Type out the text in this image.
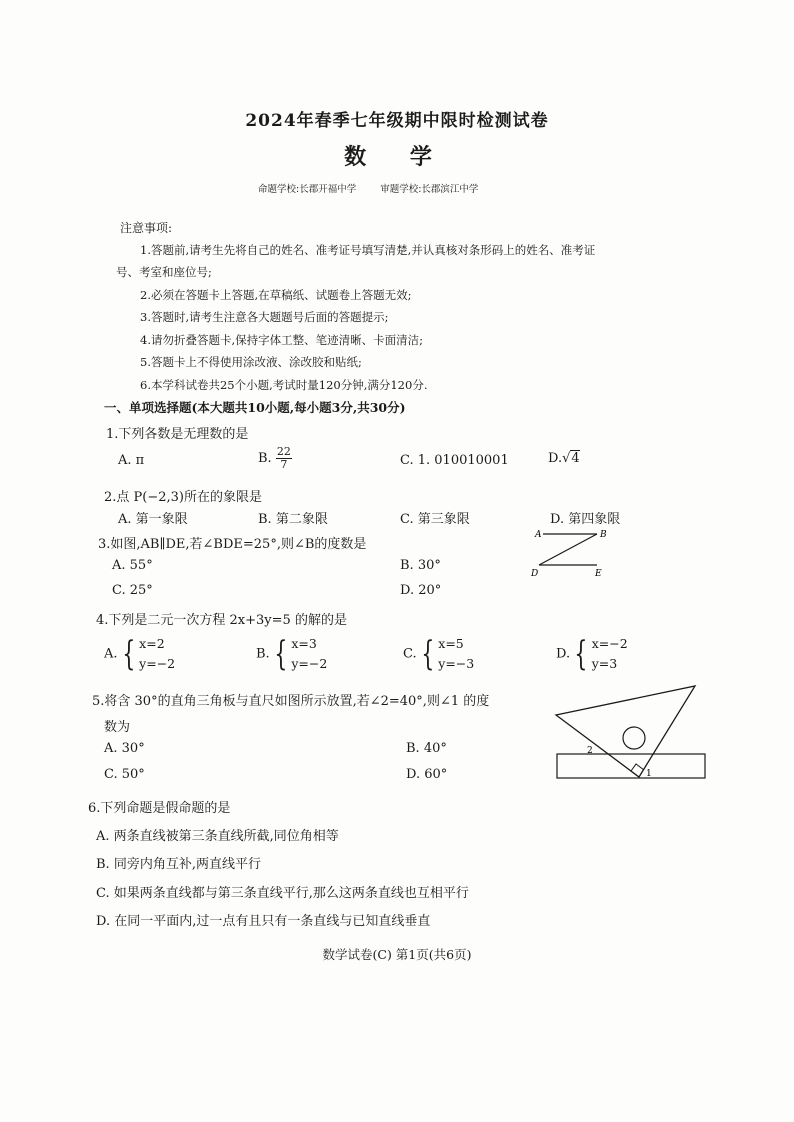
2024年春季七年级期中限时检测试卷
数 学
命题学校:长郡开福中学	审题学校:长郡滨江中学
注意事项:
1.答题前,请考生先将自己的姓名、准考证号填写清楚,并认真核对条形码上的姓名、准考证
号、考室和座位号;
2.必须在答题卡上答题,在草稿纸、试题卷上答题无效;
3.答题时,请考生注意各大题题号后面的答题提示;
4.请勿折叠答题卡,保持字体工整、笔迹清晰、卡面清洁;
5.答题卡上不得使用涂改液、涂改胶和贴纸;
6.本学科试卷共25个小题,考试时量120分钟,满分120分.
一、单项选择题(本大题共10小题,每小题3分,共30分)
1.下列各数是无理数的是
A. π	B. $\frac{22}{7}$	C. 1. 010010001	D.√4
2.点 P(−2,3)所在的象限是
A. 第一象限	B. 第二象限	C. 第三象限	D. 第四象限
3.如图,AB∥DE,若∠BDE=25°,则∠B的度数是
A. 55°	B. 30°
C. 25°	D. 20°
A	B
D	E
4.下列是二元一次方程 2x+3y=5 的解的是
A. { x=2
y=−2
B. { x=3
y=−2
C. { x=5
y=−3
D. { x=−2
y=3
5.将含 30°的直角三角板与直尺如图所示放置,若∠2=40°,则∠1 的度
数为
A. 30°	B. 40°
C. 50°	D. 60°
2
1
6.下列命题是假命题的是
A. 两条直线被第三条直线所截,同位角相等
B. 同旁内角互补,两直线平行
C. 如果两条直线都与第三条直线平行,那么这两条直线也互相平行
D. 在同一平面内,过一点有且只有一条直线与已知直线垂直
数学试卷(C) 第1页(共6页)
